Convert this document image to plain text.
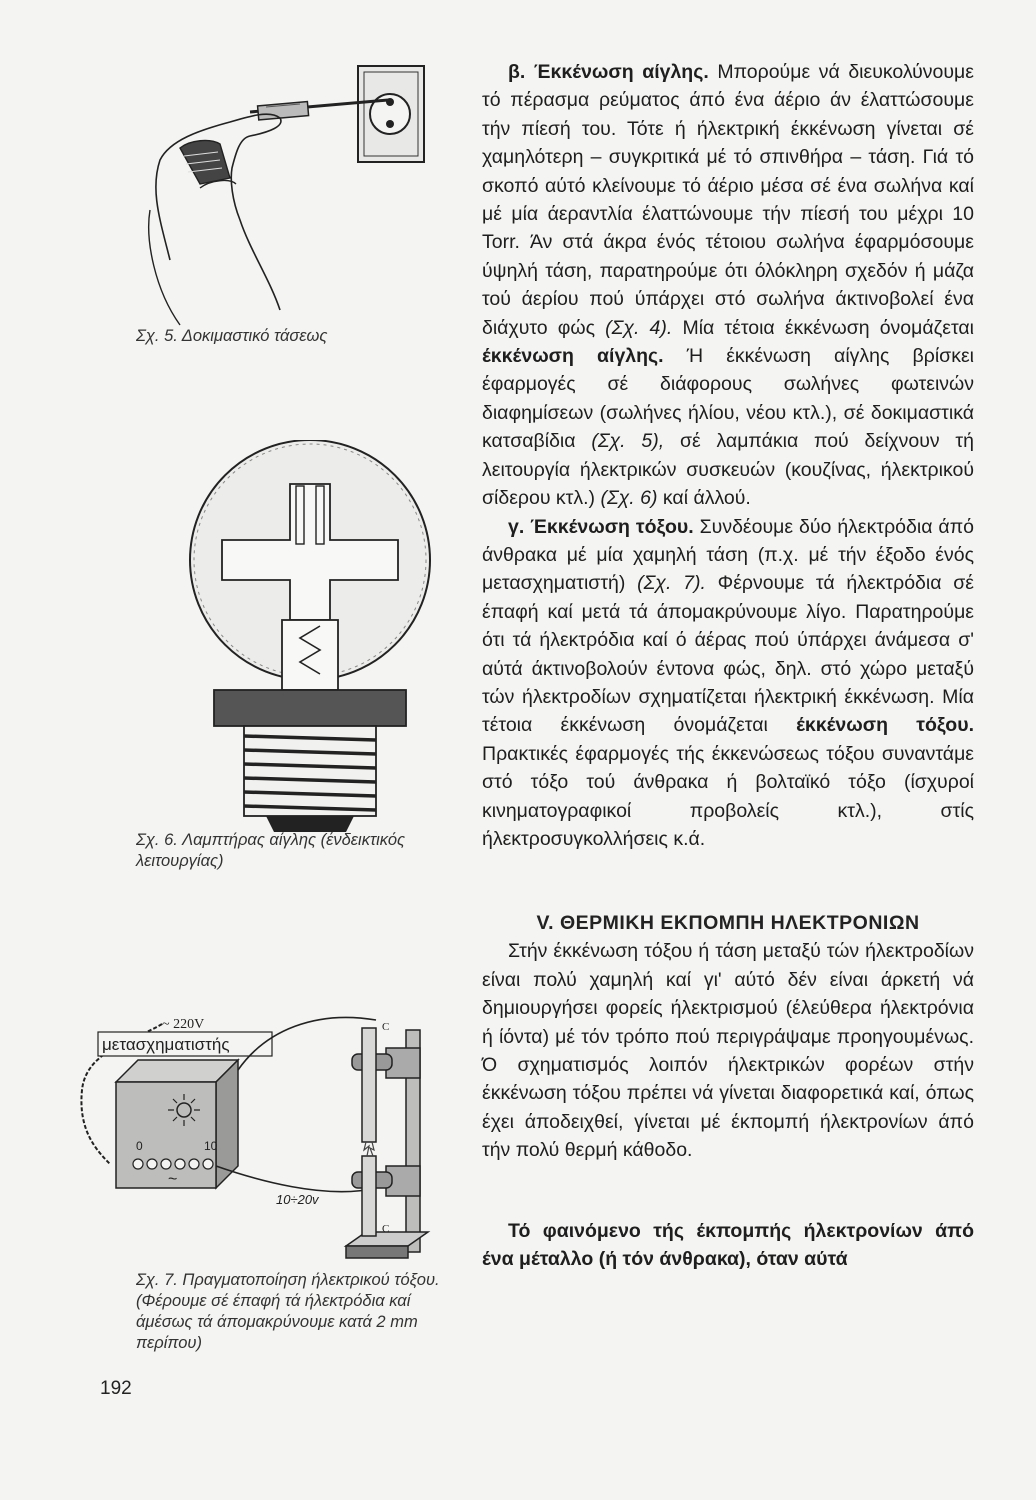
Σχ. 5. Δοκιμαστικό τάσεως
Σχ. 6. Λαμπτήρας αίγλης (ένδεικτικός λειτουργίας)
~ 220V
μετασχηματιστής
0	10
~
10÷20v
C
C
Σχ. 7. Πραγματοποίηση ήλεκτρικού τόξου. (Φέρουμε σέ έπαφή τά ήλεκτρόδια καί άμέσως τά άπομακρύνουμε κατά 2 mm περίπου)

β. Έκκένωση αίγλης. Μπορούμε νά διευκολύνουμε τό πέρασμα ρεύματος άπό ένα άέριο άν έλαττώσουμε τήν πίεσή του. Τότε ή ήλεκτρική έκκένωση γίνεται σέ χαμηλότερη – συγκριτικά μέ τό σπινθήρα – τάση. Γιά τό σκοπό αύτό κλείνουμε τό άέριο μέσα σέ ένα σωλήνα καί μέ μία άεραντλία έλαττώνουμε τήν πίεσή του μέχρι 10 Torr. Άν στά άκρα ένός τέτοιου σωλήνα έφαρμόσουμε ύψηλή τάση, παρατηρούμε ότι όλόκληρη σχεδόν ή μάζα τού άερίου πού ύπάρχει στό σωλήνα άκτινοβολεί ένα διάχυτο φώς (Σχ. 4). Μία τέτοια έκκένωση όνομάζεται έκκένωση αίγλης. Ή έκκένωση αίγλης βρίσκει έφαρμογές σέ διάφορους σωλήνες φωτεινών διαφημίσεων (σωλήνες ήλίου, νέου κτλ.), σέ δοκιμαστικά κατσαβίδια (Σχ. 5), σέ λαμπάκια πού δείχνουν τή λειτουργία ήλεκτρικών συσκευών (κουζίνας, ήλεκτρικού σίδερου κτλ.) (Σχ. 6) καί άλλού.

γ. Έκκένωση τόξου. Συνδέουμε δύο ήλεκτρόδια άπό άνθρακα μέ μία χαμηλή τάση (π.χ. μέ τήν έξοδο ένός μετασχηματιστή) (Σχ. 7). Φέρνουμε τά ήλεκτρόδια σέ έπαφή καί μετά τά άπομακρύνουμε λίγο. Παρατηρούμε ότι τά ήλεκτρόδια καί ό άέρας πού ύπάρχει άνάμεσα σ' αύτά άκτινοβολούν έντονα φώς, δηλ. στό χώρο μεταξύ τών ήλεκτροδίων σχηματίζεται ήλεκτρική έκκένωση. Μία τέτοια έκκένωση όνομάζεται έκκένωση τόξου. Πρακτικές έφαρμογές τής έκκενώσεως τόξου συναντάμε στό τόξο τού άνθρακα ή βολταϊκό τόξο (ίσχυροί κινηματογραφικοί προβολείς κτλ.), στίς ήλεκτροσυγκολλήσεις κ.ά.

V. ΘΕΡΜΙΚΗ ΕΚΠΟΜΠΗ ΗΛΕΚΤΡΟΝΙΩΝ

Στήν έκκένωση τόξου ή τάση μεταξύ τών ήλεκτροδίων είναι πολύ χαμηλή καί γι' αύτό δέν είναι άρκετή νά δημιουργήσει φορείς ήλεκτρισμού (έλεύθερα ήλεκτρόνια ή ίόντα) μέ τόν τρόπο πού περιγράψαμε προηγουμένως. Ό σχηματισμός λοιπόν ήλεκτρικών φορέων στήν έκκένωση τόξου πρέπει νά γίνεται διαφορετικά καί, όπως έχει άποδειχθεί, γίνεται μέ έκπομπή ήλεκτρονίων άπό τήν πολύ θερμή κάθοδο.

Τό φαινόμενο τής έκπομπής ήλεκτρονίων άπό ένα μέταλλο (ή τόν άνθρακα), όταν αύτά

192
